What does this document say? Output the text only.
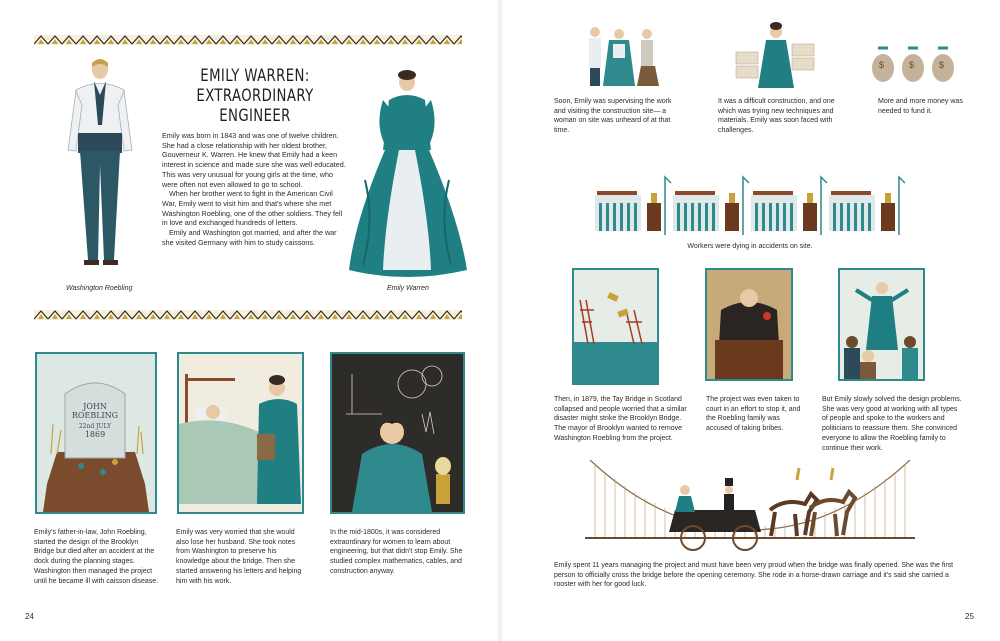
EMILY WARREN:
EXTRAORDINARY ENGINEER
Washington Roebling

Emily was born in 1843 and was one of twelve children. She had a close relationship with her oldest brother, Gouverneur K. Warren. He knew that Emily had a keen interest in science and made sure she was well educated. This was very unusual for young girls at the time, who were often not even allowed to go to school.

When her brother went to fight in the American Civil War, Emily went to visit him and that's where she met Washington Roebling, one of the other soldiers. They fell in love and exchanged hundreds of letters.

Emily and Washington got married, and after the war she visited Germany with him to study caissons.

Emily Warren
JOHN
ROEBLING
22nd JULY
1869
Emily's father-in-law, John Roebling, started the design of the Brooklyn Bridge but died after an accident at the dock during the planning stages. Washington then managed the project until he became ill with caisson disease.
Emily was very worried that she would also lose her husband. She took notes from Washington to preserve his knowledge about the bridge. Then she started answering his letters and helping him with his work.
In the mid-1800s, it was considered extraordinary for women to learn about engineering, but that didn't stop Emily. She studied complex mathematics, cables, and construction anyway.
24
$	$	$
Soon, Emily was supervising the work and visiting the construction site— a woman on site was unheard of at that time.
It was a difficult construction, and one which was trying new techniques and materials. Emily was soon faced with challenges.
More and more money was needed to fund it.
Workers were dying in accidents on site.
Then, in 1879, the Tay Bridge in Scotland collapsed and people worried that a similar disaster might strike the Brooklyn Bridge. The mayor of Brooklyn wanted to remove Washington Roebling from the project.
The project was even taken to court in an effort to stop it, and the Roebling family was accused of taking bribes.
But Emily slowly solved the design problems. She was very good at working with all types of people and spoke to the workers and politicians to reassure them. She convinced everyone to allow the Roebling family to continue their work.
Emily spent 11 years managing the project and must have been very proud when the bridge was finally opened. She was the first person to officially cross the bridge before the opening ceremony. She rode in a horse-drawn carriage and it's said she carried a rooster with her for good luck.
25
